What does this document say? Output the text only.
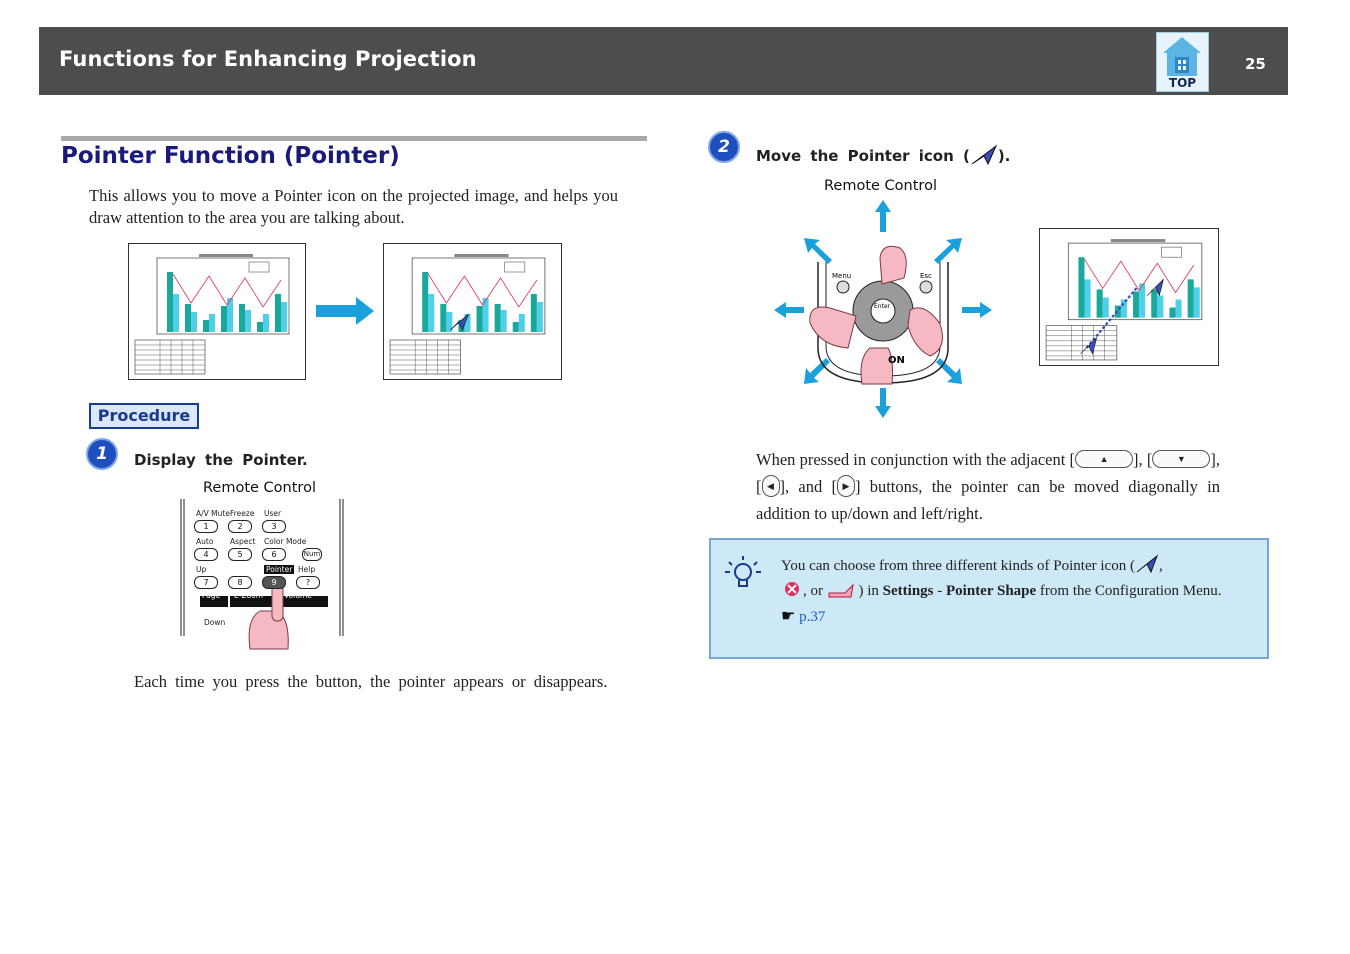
Functions for Enhancing Projection
TOP
25
Pointer Function (Pointer)
This allows you to move a Pointer icon on the projected image, and helps you draw attention to the area you are talking about.
Procedure
1	Display the Pointer.
Remote Control
A/V Mute
1
Freeze
2
User
3
Auto
4
Aspect
5
Color Mode
6
Up
7	8
Pointer
9
Help
?
Num
Page E-Zoom	Volume
Down
Each time you press the button, the pointer appears or disappears.
2	Move the Pointer icon ( ).
Remote Control
Menu	Esc
Enter
ON
When pressed in conjunction with the adjacent [	▲	], [	▼	], [ ◀ ], and [ ▶ ] buttons, the pointer can be moved diagonally in addition to up/down and left/right.
You can choose from three different kinds of Pointer icon ( ,
, or ) in Settings - Pointer Shape from the Configuration Menu.
☛ p.37
